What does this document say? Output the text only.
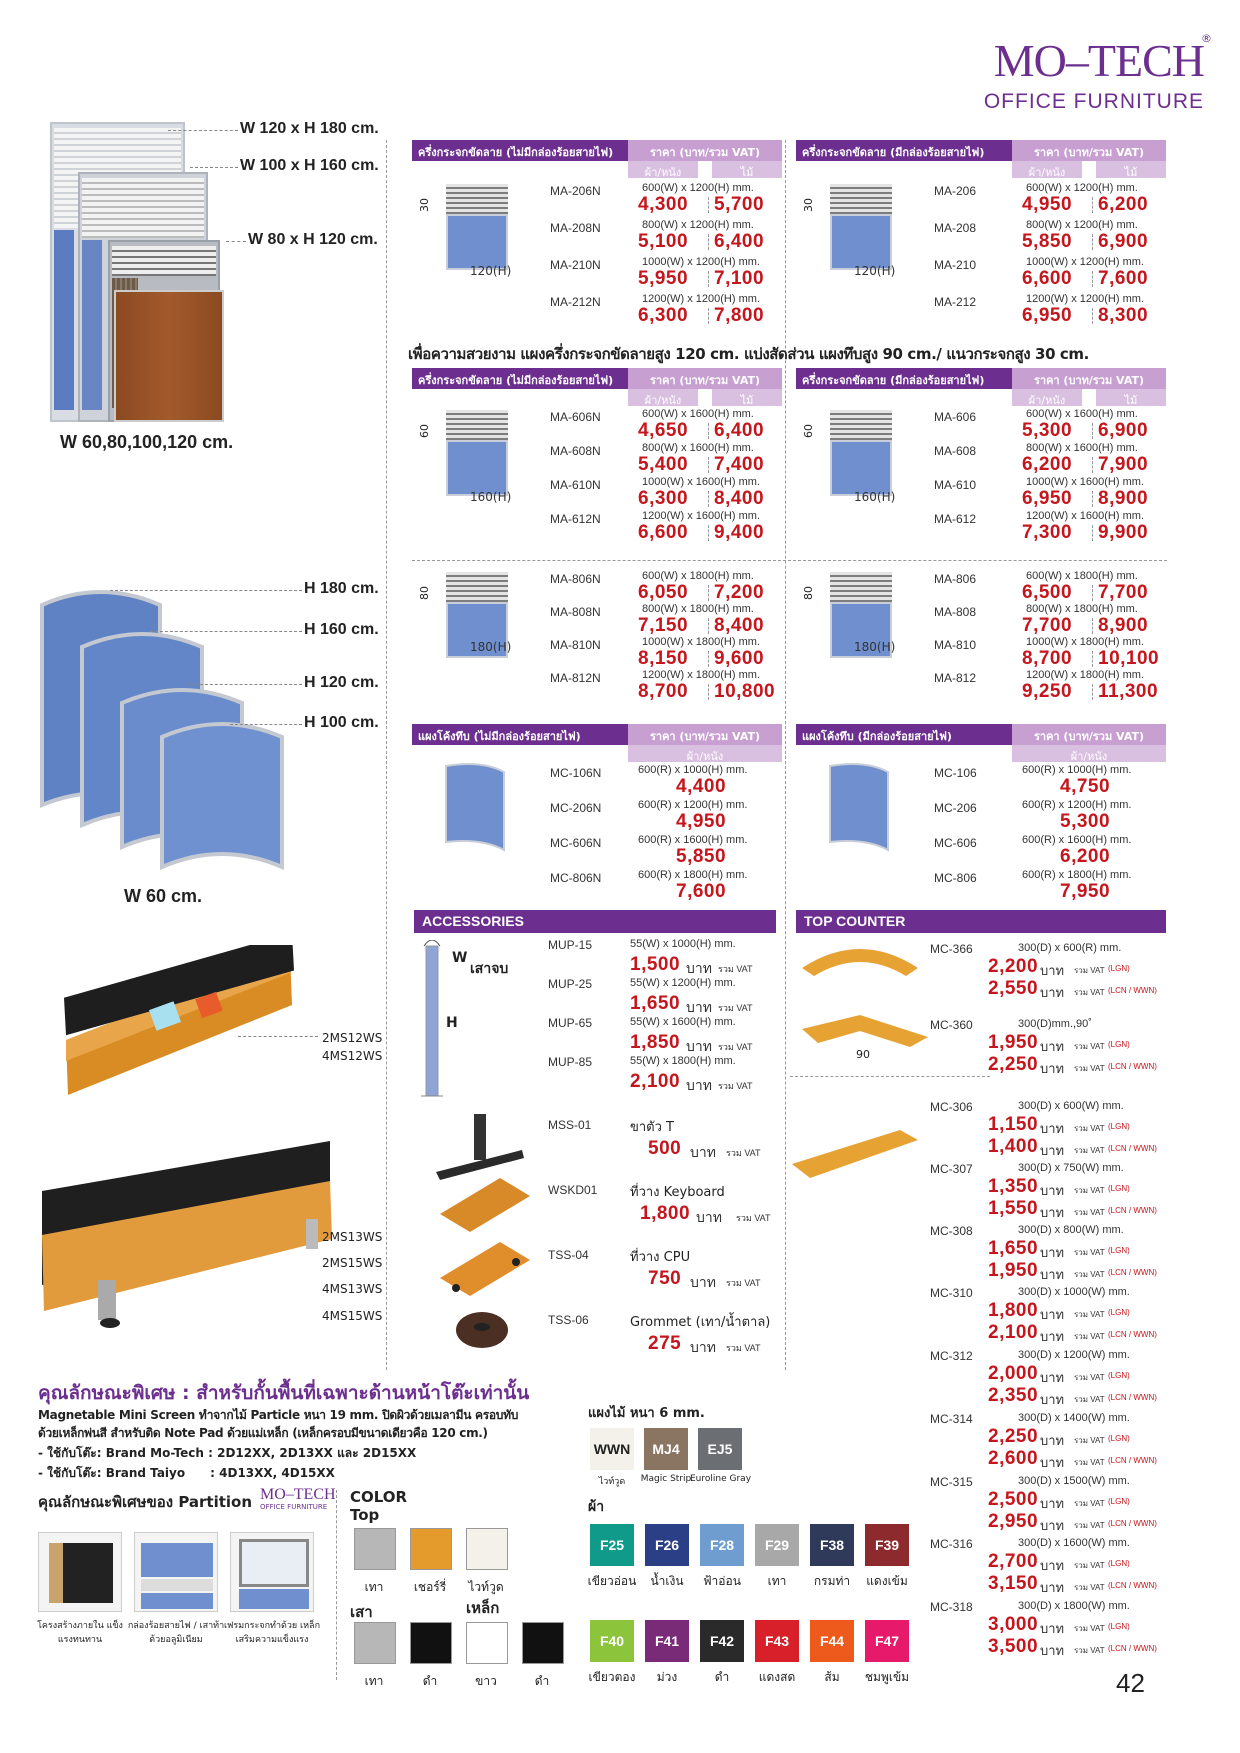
®
MO–TECH
OFFICE FURNITURE
W 120 x H 180 cm.
W 100 x H 160 cm.
W 80 x H 120 cm.
W 60,80,100,120 cm.
H 180 cm.
H 160 cm.
H 120 cm.
H 100 cm.
W 60 cm.
2MS12WS
4MS12WS
2MS13WS
2MS15WS
4MS13WS
4MS15WS
ครึ่งกระจกขัดลาย (ไม่มีกล่องร้อยสายไฟ)	ราคา (บาท/รวม VAT)
ผ้า/หนัง	ไม้
ครึ่งกระจกขัดลาย (มีกล่องร้อยสายไฟ)	ราคา (บาท/รวม VAT)
ผ้า/หนัง	ไม้
เพื่อความสวยงาม แผงครึ่งกระจกขัดลายสูง 120 cm. แบ่งสัดส่วน แผงทึบสูง 90 cm./ แนวกระจกสูง 30 cm.
ครึ่งกระจกขัดลาย (ไม่มีกล่องร้อยสายไฟ)	ราคา (บาท/รวม VAT)
ผ้า/หนัง	ไม้
ครึ่งกระจกขัดลาย (มีกล่องร้อยสายไฟ)	ราคา (บาท/รวม VAT)
ผ้า/หนัง	ไม้
30
120(H)
MA-206N	600(W) x 1200(H) mm.
4,300 5,700
MA-208N	800(W) x 1200(H) mm.
5,100 6,400
MA-210N	1000(W) x 1200(H) mm.
5,950 7,100
MA-212N	1200(W) x 1200(H) mm.
6,300 7,800
30
120(H)
MA-206	600(W) x 1200(H) mm.
4,950 6,200
MA-208	800(W) x 1200(H) mm.
5,850 6,900
MA-210	1000(W) x 1200(H) mm.
6,600 7,600
MA-212	1200(W) x 1200(H) mm.
6,950 8,300
60
160(H)
MA-606N	600(W) x 1600(H) mm.
4,650 6,400
MA-608N	800(W) x 1600(H) mm.
5,400 7,400
MA-610N	1000(W) x 1600(H) mm.
6,300 8,400
MA-612N	1200(W) x 1600(H) mm.
6,600 9,400
60
160(H)
MA-606	600(W) x 1600(H) mm.
5,300 6,900
MA-608	800(W) x 1600(H) mm.
6,200 7,900
MA-610	1000(W) x 1600(H) mm.
6,950 8,900
MA-612	1200(W) x 1600(H) mm.
7,300 9,900
80
180(H)
MA-806N	600(W) x 1800(H) mm.
6,050 7,200
MA-808N	800(W) x 1800(H) mm.
7,150 8,400
MA-810N	1000(W) x 1800(H) mm.
8,150 9,600
MA-812N	1200(W) x 1800(H) mm.
8,700 10,800
80
180(H)
MA-806	600(W) x 1800(H) mm.
6,500 7,700
MA-808	800(W) x 1800(H) mm.
7,700 8,900
MA-810	1000(W) x 1800(H) mm.
8,700 10,100
MA-812	1200(W) x 1800(H) mm.
9,250 11,300
แผงโค้งทึบ (ไม่มีกล่องร้อยสายไฟ)	ราคา (บาท/รวม VAT)
ผ้า/หนัง
แผงโค้งทึบ (มีกล่องร้อยสายไฟ)	ราคา (บาท/รวม VAT)
ผ้า/หนัง
MC-106N	600(R) x 1000(H) mm.
4,400
MC-206N	600(R) x 1200(H) mm.
4,950
MC-606N	600(R) x 1600(H) mm.
5,850
MC-806N	600(R) x 1800(H) mm.
7,600
MC-106	600(R) x 1000(H) mm.
4,750
MC-206	600(R) x 1200(H) mm.
5,300
MC-606	600(R) x 1600(H) mm.
6,200
MC-806	600(R) x 1800(H) mm.
7,950
ACCESSORIES
W
H
เสาจบ
MUP-15	55(W) x 1000(H) mm.
1,500 บาท รวม VAT
MUP-25	55(W) x 1200(H) mm.
1,650 บาท รวม VAT
MUP-65	55(W) x 1600(H) mm.
1,850 บาท รวม VAT
MUP-85	55(W) x 1800(H) mm.
2,100 บาท รวม VAT
MSS-01	ขาตัว T
500 บาท รวม VAT
WSKD01	ที่วาง Keyboard
1,800 บาท รวม VAT
TSS-04	ที่วาง CPU
750 บาท รวม VAT
TSS-06	Grommet (เทา/น้ำตาล)
275 บาท รวม VAT
TOP COUNTER
90
MC-366	300(D) x 600(R) mm.
2,200 บาท รวม VAT (LGN)
2,550 บาท รวม VAT (LCN / WWN)
MC-360	300(D)mm.,90˚
1,950 บาท รวม VAT (LGN)
2,250 บาท รวม VAT (LCN / WWN)
MC-306	300(D) x 600(W) mm.
1,150 บาท รวม VAT (LGN)
1,400 บาท รวม VAT (LCN / WWN)
MC-307	300(D) x 750(W) mm.
1,350 บาท รวม VAT (LGN)
1,550 บาท รวม VAT (LCN / WWN)
MC-308	300(D) x 800(W) mm.
1,650 บาท รวม VAT (LGN)
1,950 บาท รวม VAT (LCN / WWN)
MC-310	300(D) x 1000(W) mm.
1,800 บาท รวม VAT (LGN)
2,100 บาท รวม VAT (LCN / WWN)
MC-312	300(D) x 1200(W) mm.
2,000 บาท รวม VAT (LGN)
2,350 บาท รวม VAT (LCN / WWN)
MC-314	300(D) x 1400(W) mm.
2,250 บาท รวม VAT (LGN)
2,600 บาท รวม VAT (LCN / WWN)
MC-315	300(D) x 1500(W) mm.
2,500 บาท รวม VAT (LGN)
2,950 บาท รวม VAT (LCN / WWN)
MC-316	300(D) x 1600(W) mm.
2,700 บาท รวม VAT (LGN)
3,150 บาท รวม VAT (LCN / WWN)
MC-318	300(D) x 1800(W) mm.
3,000 บาท รวม VAT (LGN)
3,500 บาท รวม VAT (LCN / WWN)
คุณลักษณะพิเศษ : สำหรับกั้นพื้นที่เฉพาะด้านหน้าโต๊ะเท่านั้น
Magnetable Mini Screen ทำจากไม้ Particle หนา 19 mm. ปิดผิวด้วยเมลามีน ครอบทับ
ด้วยเหล็กพ่นสี สำหรับติด Note Pad ด้วยแม่เหล็ก (เหล็กครอบมีขนาดเดียวคือ 120 cm.)
- ใช้กับโต๊ะ: Brand Mo-Tech : 2D12XX, 2D13XX และ 2D15XX
- ใช้กับโต๊ะ: Brand Taiyo      : 4D13XX, 4D15XX
คุณลักษณะพิเศษของ Partition MO–TECH
OFFICE FURNITURE
โครงสร้างภายใน แข็งแรงทนทาน
กล่องร้อยสายไฟ / เสาท้าด้วยอลูมิเนียม
เฟรมกระจกทำด้วย เหล็กเสริมความแข็งแรง
COLOR
Top
เทา	เชอร์รี่	ไวท์วูด
เทา	ดำ	ขาว	ดำ
เสา	เหล็ก
แผงไม้ หนา 6 mm.
ผ้า
WWN
ไวท์วูด
MJ4
Magic Strip
EJ5
Euroline Gray
F25
เขียวอ่อน
F26
น้ำเงิน
F28
ฟ้าอ่อน
F29
เทา
F38
กรมท่า
F39
แดงเข้ม
F40
เขียวตอง
F41
ม่วง
F42
ดำ
F43
แดงสด
F44
ส้ม
F47
ชมพูเข้ม	42
